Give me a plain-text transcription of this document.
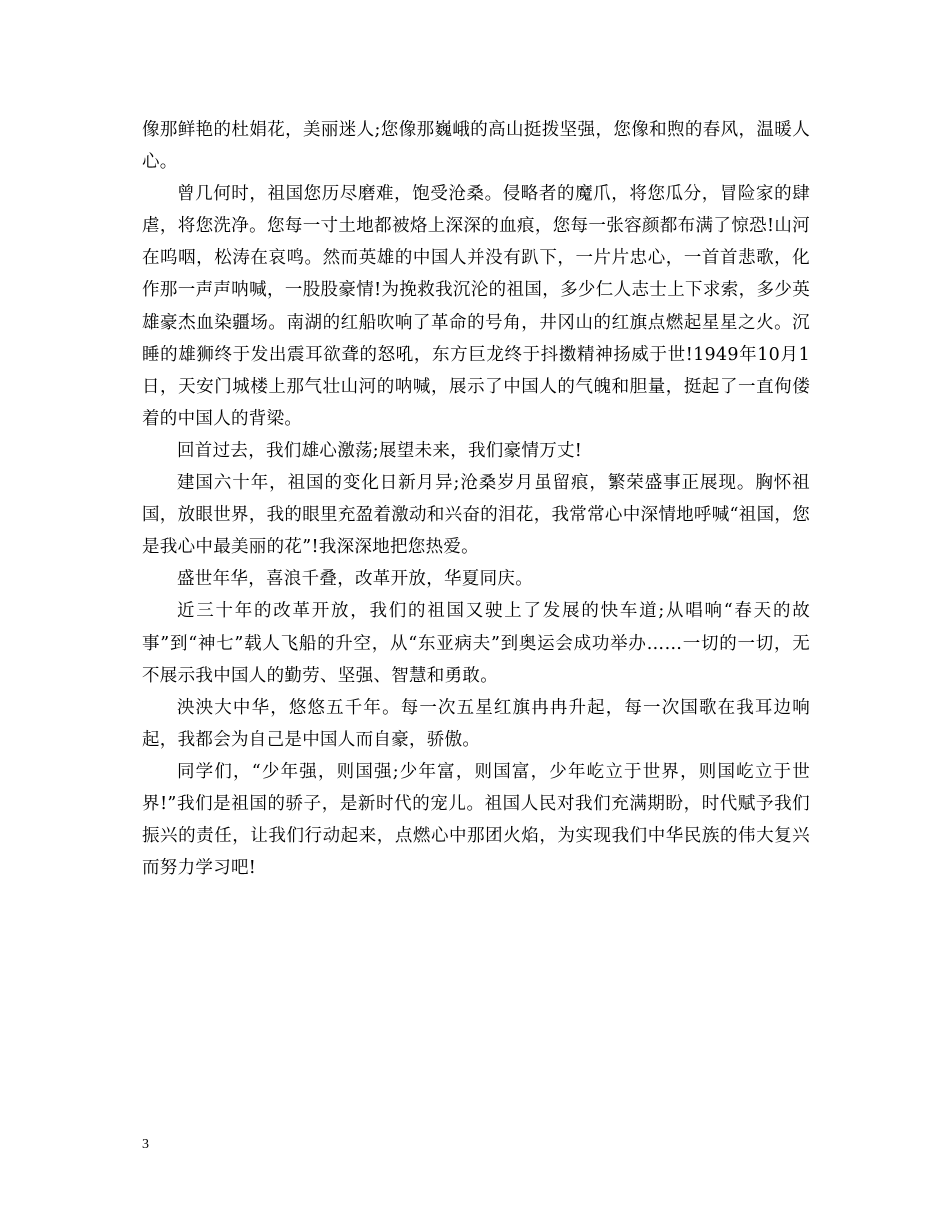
像那鲜艳的杜娟花，美丽迷人;您像那巍峨的高山挺拨坚强，您像和煦的春风，温暖人心。

曾几何时，祖国您历尽磨难，饱受沧桑。侵略者的魔爪，将您瓜分，冒险家的肆虐，将您洗净。您每一寸土地都被烙上深深的血痕，您每一张容颜都布满了惊恐!山河在呜咽，松涛在哀鸣。然而英雄的中国人并没有趴下，一片片忠心，一首首悲歌，化作那一声声呐喊，一股股豪情!为挽救我沉沦的祖国，多少仁人志士上下求索，多少英雄豪杰血染疆场。南湖的红船吹响了革命的号角，井冈山的红旗点燃起星星之火。沉睡的雄狮终于发出震耳欲聋的怒吼，东方巨龙终于抖擞精神扬威于世!1949年10月1日，天安门城楼上那气壮山河的呐喊，展示了中国人的气魄和胆量，挺起了一直佝偻着的中国人的背梁。

回首过去，我们雄心激荡;展望未来，我们豪情万丈!

建国六十年，祖国的变化日新月异;沧桑岁月虽留痕，繁荣盛事正展现。胸怀祖国，放眼世界，我的眼里充盈着激动和兴奋的泪花，我常常心中深情地呼喊“祖国，您是我心中最美丽的花”!我深深地把您热爱。

盛世年华，喜浪千叠，改革开放，华夏同庆。

近三十年的改革开放，我们的祖国又驶上了发展的快车道;从唱响“春天的故事”到“神七”载人飞船的升空，从“东亚病夫”到奥运会成功举办……一切的一切，无不展示我中国人的勤劳、坚强、智慧和勇敢。

泱泱大中华，悠悠五千年。每一次五星红旗冉冉升起，每一次国歌在我耳边响起，我都会为自己是中国人而自豪，骄傲。

同学们，“少年强，则国强;少年富，则国富，少年屹立于世界，则国屹立于世界!”我们是祖国的骄子，是新时代的宠儿。祖国人民对我们充满期盼，时代赋予我们振兴的责任，让我们行动起来，点燃心中那团火焰，为实现我们中华民族的伟大复兴而努力学习吧!

3
